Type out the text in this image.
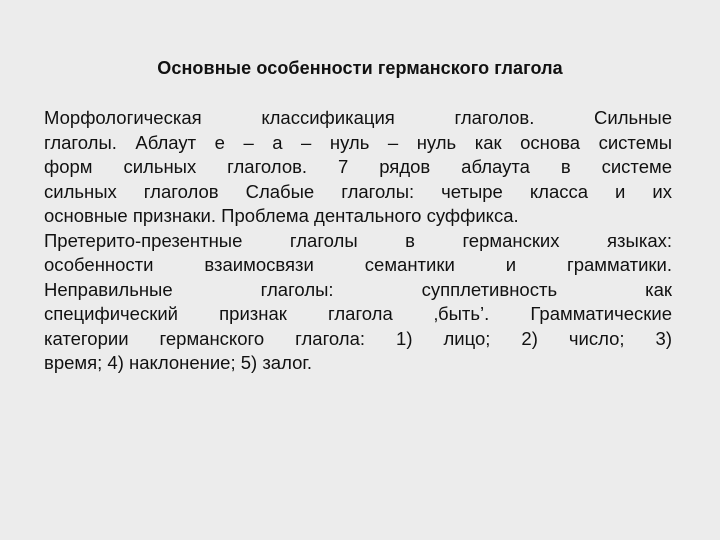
Основные особенности германского глагола
Морфологическая классификация глаголов. Сильные
глаголы. Аблаут е – а – нуль – нуль как основа системы
форм сильных глаголов. 7 рядов аблаута в системе
сильных глаголов Слабые глаголы: четыре класса и их
основные признаки. Проблема дентального суффикса.
Претерито-презентные глаголы в германских языках:
особенности взаимосвязи семантики и грамматики.
Неправильные глаголы: супплетивность как
специфический признак глагола ‚быть’. Грамматические
категории германского глагола: 1) лицо; 2) число; 3)
время; 4) наклонение; 5) залог.
